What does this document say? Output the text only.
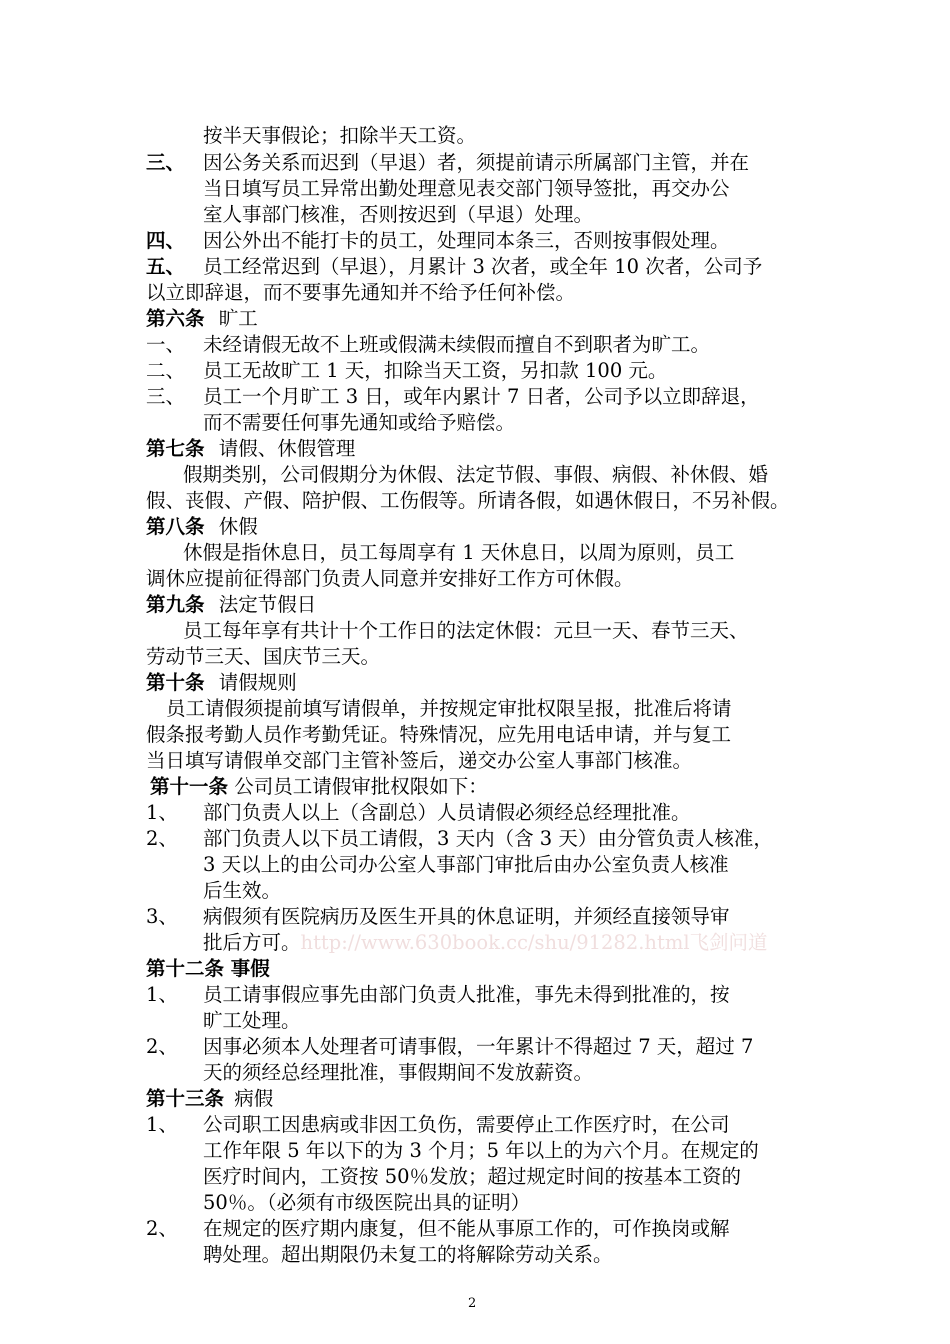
按半天事假论；扣除半天工资。
三、 因公务关系而迟到（早退）者，须提前请示所属部门主管，并在
当日填写员工异常出勤处理意见表交部门领导签批，再交办公
室人事部门核准，否则按迟到（早退）处理。
四、 因公外出不能打卡的员工，处理同本条三，否则按事假处理。
五、 员工经常迟到（早退），月累计 3 次者，或全年 10 次者，公司予
以立即辞退，而不要事先通知并不给予任何补偿。
第六条 旷工
一、 未经请假无故不上班或假满未续假而擅自不到职者为旷工。
二、 员工无故旷工 1 天，扣除当天工资，另扣款 100 元。
三、 员工一个月旷工 3 日，或年内累计 7 日者，公司予以立即辞退，
而不需要任何事先通知或给予赔偿。
第七条 请假、休假管理
假期类别，公司假期分为休假、法定节假、事假、病假、补休假、婚
假、丧假、产假、陪护假、工伤假等。所请各假，如遇休假日，不另补假。
第八条 休假
休假是指休息日，员工每周享有 1 天休息日，以周为原则，员工
调休应提前征得部门负责人同意并安排好工作方可休假。
第九条 法定节假日
员工每年享有共计十个工作日的法定休假：元旦一天、春节三天、
劳动节三天、国庆节三天。
第十条 请假规则
员工请假须提前填写请假单，并按规定审批权限呈报，批准后将请
假条报考勤人员作考勤凭证。特殊情况，应先用电话申请，并与复工
当日填写请假单交部门主管补签后，递交办公室人事部门核准。
第十一条 公司员工请假审批权限如下：
1、 部门负责人以上（含副总）人员请假必须经总经理批准。
2、 部门负责人以下员工请假，3 天内（含 3 天）由分管负责人核准，
3 天以上的由公司办公室人事部门审批后由办公室负责人核准
后生效。
3、 病假须有医院病历及医生开具的休息证明，并须经直接领导审
批后方可。http://www.630book.cc/shu/91282.html飞剑问道
第十二条 事假
1、 员工请事假应事先由部门负责人批准，事先未得到批准的，按
旷工处理。
2、 因事必须本人处理者可请事假，一年累计不得超过 7 天，超过 7
天的须经总经理批准，事假期间不发放薪资。
第十三条 病假
1、 公司职工因患病或非因工负伤，需要停止工作医疗时，在公司
工作年限 5 年以下的为 3 个月；5 年以上的为六个月。在规定的
医疗时间内，工资按 50％发放；超过规定时间的按基本工资的
50％。（必须有市级医院出具的证明）
2、 在规定的医疗期内康复，但不能从事原工作的，可作换岗或解
聘处理。超出期限仍未复工的将解除劳动关系。
2
